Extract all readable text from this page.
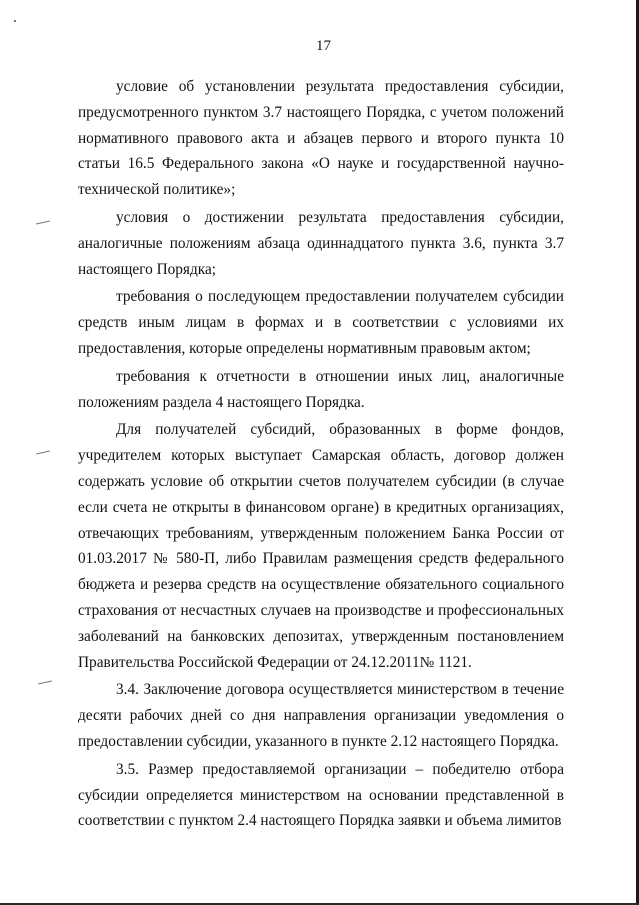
17

условие об установлении результата предоставления субсидии, предусмотренного пунктом 3.7 настоящего Порядка, с учетом положений нормативного правового акта и абзацев первого и второго пункта 10 статьи 16.5 Федерального закона «О науке и государственной научно-технической политике»;

условия о достижении результата предоставления субсидии, аналогичные положениям абзаца одиннадцатого пункта 3.6, пункта 3.7 настоящего Порядка;

требования о последующем предоставлении получателем субсидии средств иным лицам в формах и в соответствии с условиями их предоставления, которые определены нормативным правовым актом;

требования к отчетности в отношении иных лиц, аналогичные положениям раздела 4 настоящего Порядка.

Для получателей субсидий, образованных в форме фондов, учредителем которых выступает Самарская область, договор должен содержать условие об открытии счетов получателем субсидии (в случае если счета не открыты в финансовом органе) в кредитных организациях, отвечающих требованиям, утвержденным положением Банка России от 01.03.2017 № 580-П, либо Правилам размещения средств федерального бюджета и резерва средств на осуществление обязательного социального страхования от несчастных случаев на производстве и профессиональных заболеваний на банковских депозитах, утвержденным постановлением Правительства Российской Федерации от 24.12.2011№ 1121.

3.4. Заключение договора осуществляется министерством в течение десяти рабочих дней со дня направления организации уведомления о предоставлении субсидии, указанного в пункте 2.12 настоящего Порядка.

3.5. Размер предоставляемой организации – победителю отбора субсидии определяется министерством на основании представленной в соответствии с пунктом 2.4 настоящего Порядка заявки и объема лимитов
